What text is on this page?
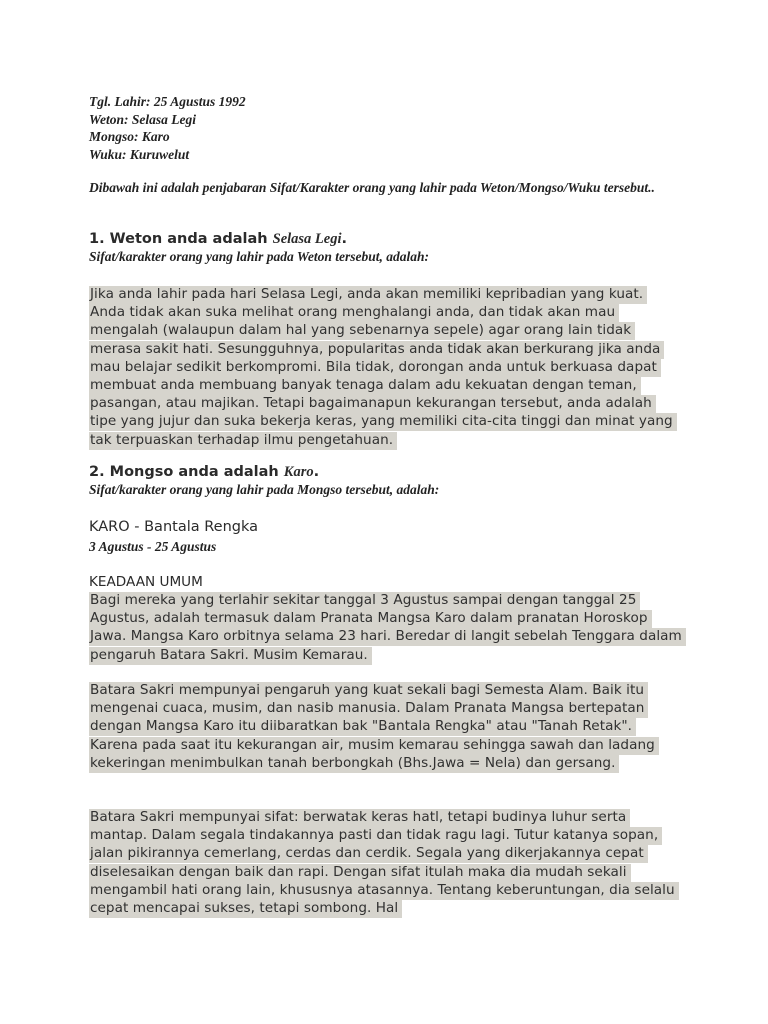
Tgl. Lahir: 25 Agustus 1992
Weton: Selasa Legi
Mongso: Karo
Wuku: Kuruwelut

Dibawah ini adalah penjabaran Sifat/Karakter orang yang lahir pada Weton/Mongso/Wuku tersebut..

1. Weton anda adalah Selasa Legi.
Sifat/karakter orang yang lahir pada Weton tersebut, adalah:

Jika anda lahir pada hari Selasa Legi, anda akan memiliki kepribadian yang kuat. Anda tidak akan suka melihat orang menghalangi anda, dan tidak akan mau mengalah (walaupun dalam hal yang sebenarnya sepele) agar orang lain tidak merasa sakit hati. Sesungguhnya, popularitas anda tidak akan berkurang jika anda mau belajar sedikit berkompromi. Bila tidak, dorongan anda untuk berkuasa dapat membuat anda membuang banyak tenaga dalam adu kekuatan dengan teman, pasangan, atau majikan. Tetapi bagaimanapun kekurangan tersebut, anda adalah tipe yang jujur dan suka bekerja keras, yang memiliki cita-cita tinggi dan minat yang tak terpuaskan terhadap ilmu pengetahuan.

2. Mongso anda adalah Karo.
Sifat/karakter orang yang lahir pada Mongso tersebut, adalah:
KARO - Bantala Rengka
3 Agustus - 25 Agustus
KEADAAN UMUM

Bagi mereka yang terlahir sekitar tanggal 3 Agustus sampai dengan tanggal 25 Agustus, adalah termasuk dalam Pranata Mangsa Karo dalam pranatan Horoskop Jawa. Mangsa Karo orbitnya selama 23 hari. Beredar di langit sebelah Tenggara dalam pengaruh Batara Sakri. Musim Kemarau.

Batara Sakri mempunyai pengaruh yang kuat sekali bagi Semesta Alam. Baik itu mengenai cuaca, musim, dan nasib manusia. Dalam Pranata Mangsa bertepatan dengan Mangsa Karo itu diibaratkan bak "Bantala Rengka" atau "Tanah Retak". Karena pada saat itu kekurangan air, musim kemarau sehingga sawah dan ladang kekeringan menimbulkan tanah berbongkah (Bhs.Jawa = Nela) dan gersang.

Batara Sakri mempunyai sifat: berwatak keras hatl, tetapi budinya luhur serta mantap. Dalam segala tindakannya pasti dan tidak ragu lagi. Tutur katanya sopan, jalan pikirannya cemerlang, cerdas dan cerdik. Segala yang dikerjakannya cepat diselesaikan dengan baik dan rapi. Dengan sifat itulah maka dia mudah sekali mengambil hati orang lain, khususnya atasannya. Tentang keberuntungan, dia selalu cepat mencapai sukses, tetapi sombong. Hal
